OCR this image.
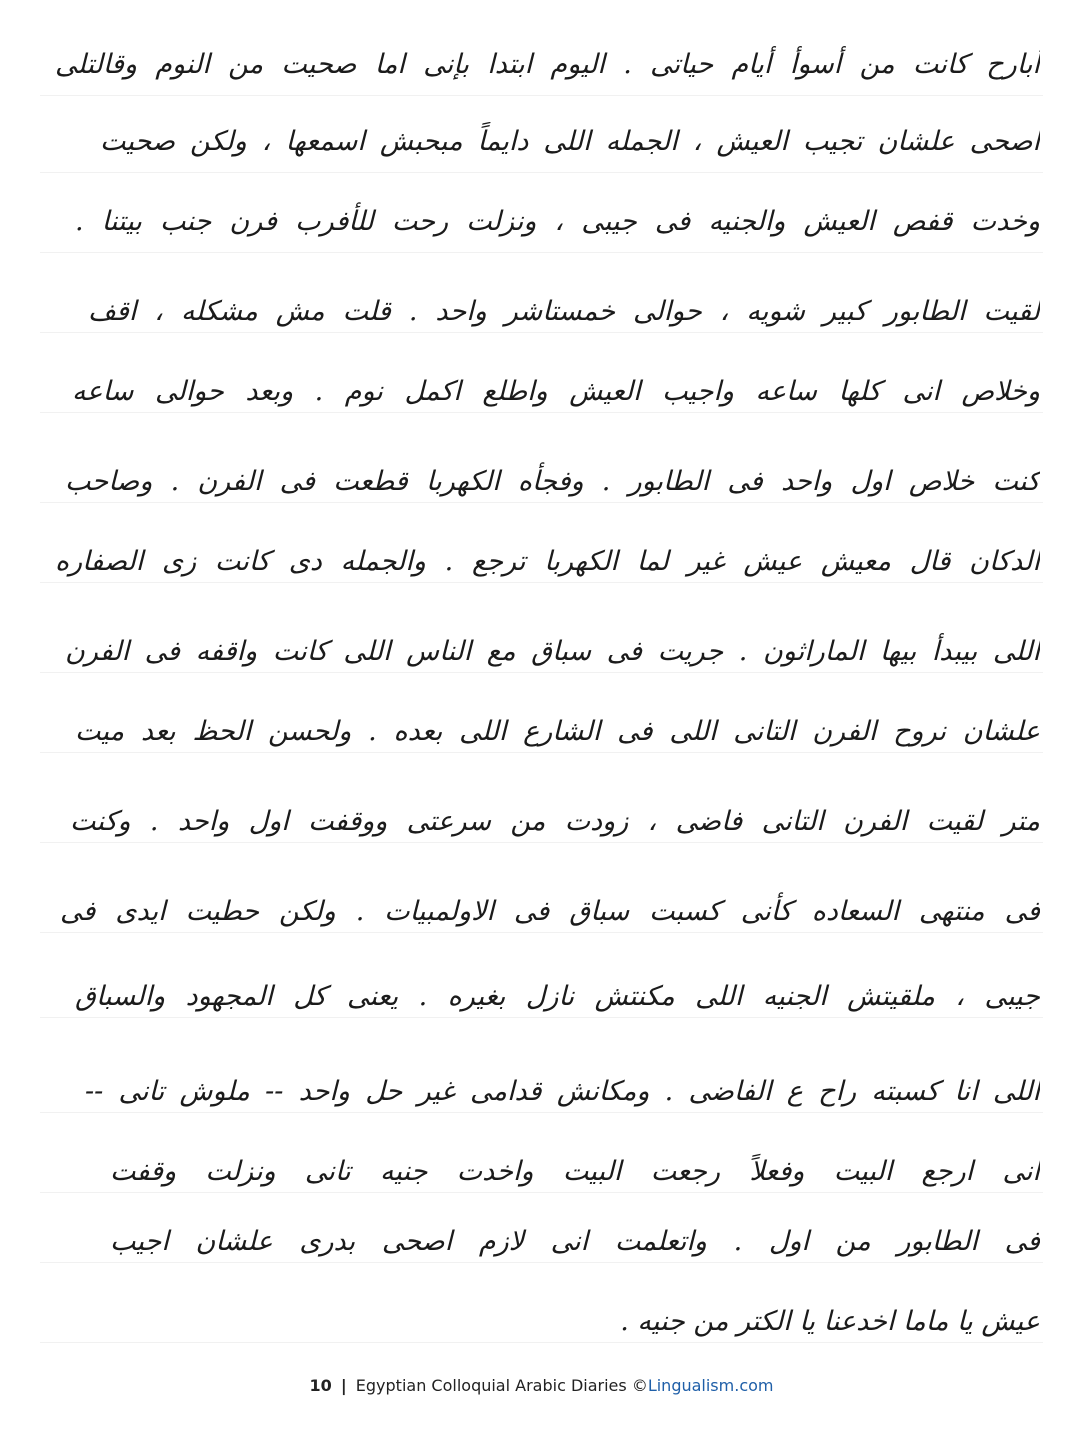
أبارح كانت من أسوأ أيام حياتى . اليوم ابتدا بإنى اما صحيت من النوم وقالتلى
اصحى علشان تجيب العيش ، الجمله اللى دايماً مبحبش اسمعها ، ولكن صحيت
وخدت قفص العيش والجنيه فى جيبى ، ونزلت رحت للأفرب فرن جنب بيتنا .
لقيت الطابور كبير شويه ، حوالى خمستاشر واحد . قلت مش مشكله ، اقف
وخلاص انى كلها ساعه واجيب العيش واطلع اكمل نوم . وبعد حوالى ساعه
كنت خلاص اول واحد فى الطابور . وفجأه الكهربا قطعت فى الفرن . وصاحب
الدكان قال معيش عيش غير لما الكهربا ترجع . والجمله دى كانت زى الصفاره
اللى بيبدأ بيها الماراثون . جريت فى سباق مع الناس اللى كانت واقفه فى الفرن
علشان نروح الفرن التانى اللى فى الشارع اللى بعده . ولحسن الحظ بعد ميت
متر لقيت الفرن التانى فاضى ، زودت من سرعتى ووقفت اول واحد . وكنت
فى منتهى السعاده كأنى كسبت سباق فى الاولمبيات . ولكن حطيت ايدى فى
جيبى ، ملقيتش الجنيه اللى مكنتش نازل بغيره . يعنى كل المجهود والسباق
اللى انا كسبته راح ع الفاضى . ومكانش قدامى غير حل واحد -- ملوش تانى --
انى ارجع البيت وفعلاً رجعت البيت واخدت جنيه تانى ونزلت وقفت
فى الطابور من اول . واتعلمت انى لازم اصحى بدرى علشان اجيب
عيش يا ماما اخدعنا يا الكتر من جنيه .
10 | Egyptian Colloquial Arabic Diaries ©Lingualism.com
